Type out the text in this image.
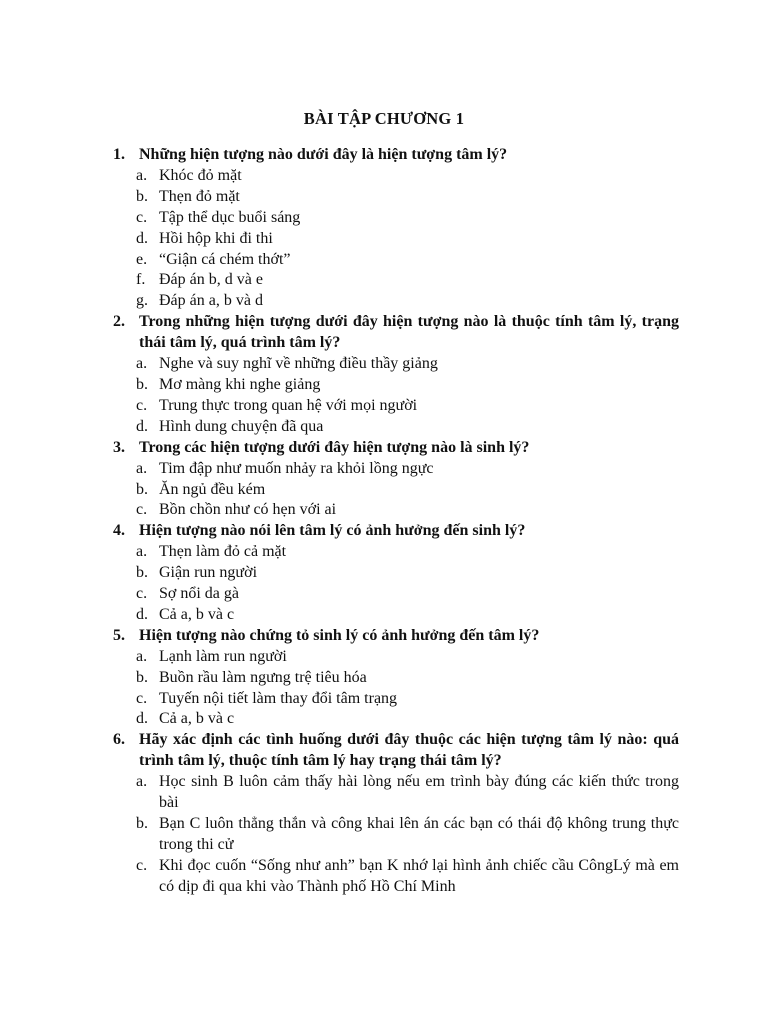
BÀI TẬP CHƯƠNG 1
1. Những hiện tượng nào dưới đây là hiện tượng tâm lý?
a. Khóc đỏ mặt
b. Thẹn đỏ mặt
c. Tập thể dục buổi sáng
d. Hồi hộp khi đi thi
e. “Giận cá chém thớt”
f. Đáp án b, d và e
g. Đáp án a, b và d
2. Trong những hiện tượng dưới đây hiện tượng nào là thuộc tính tâm lý, trạng thái tâm lý, quá trình tâm lý?
a. Nghe và suy nghĩ về những điều thầy giảng
b. Mơ màng khi nghe giảng
c. Trung thực trong quan hệ với mọi người
d. Hình dung chuyện đã qua
3. Trong các hiện tượng dưới đây hiện tượng nào là sinh lý?
a. Tim đập như muốn nhảy ra khỏi lồng ngực
b. Ăn ngủ đều kém
c. Bồn chồn như có hẹn với ai
4. Hiện tượng nào nói lên tâm lý có ảnh hưởng đến sinh lý?
a. Thẹn làm đỏ cả mặt
b. Giận run người
c. Sợ nổi da gà
d. Cả a, b và c
5. Hiện tượng nào chứng tỏ sinh lý có ảnh hưởng đến tâm lý?
a. Lạnh làm run người
b. Buồn rầu làm ngưng trệ tiêu hóa
c. Tuyến nội tiết làm thay đổi tâm trạng
d. Cả a, b và c
6. Hãy xác định các tình huống dưới đây thuộc các hiện tượng tâm lý nào: quá trình tâm lý, thuộc tính tâm lý hay trạng thái tâm lý?
a. Học sinh B luôn cảm thấy hài lòng nếu em trình bày đúng các kiến thức trong bài
b. Bạn C luôn thẳng thắn và công khai lên án các bạn có thái độ không trung thực trong thi cử
c. Khi đọc cuốn “Sống như anh” bạn K nhớ lại hình ảnh chiếc cầu CôngLý mà em có dịp đi qua khi vào Thành phố Hồ Chí Minh
